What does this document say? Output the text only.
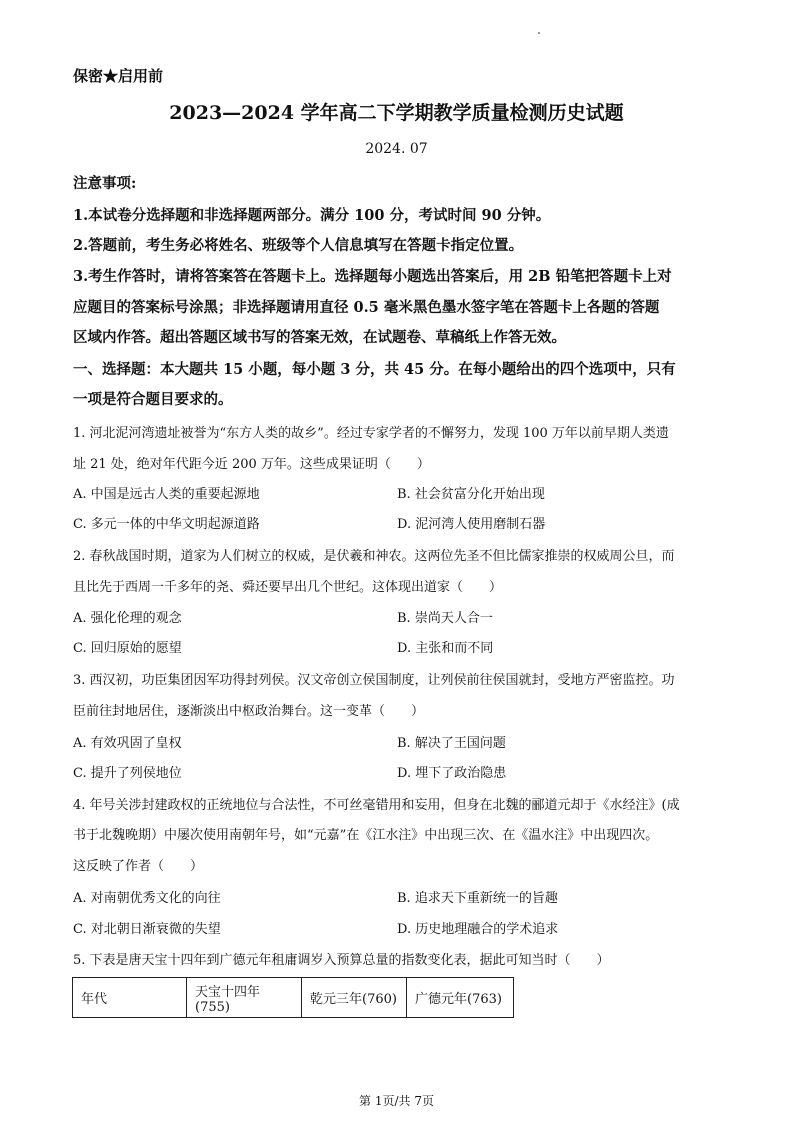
保密★启用前
2023—2024 学年高二下学期教学质量检测历史试题
2024. 07
注意事项:
1.本试卷分选择题和非选择题两部分。满分 100 分，考试时间 90 分钟。
2.答题前，考生务必将姓名、班级等个人信息填写在答题卡指定位置。
3.考生作答时，请将答案答在答题卡上。选择题每小题选出答案后，用 2B 铅笔把答题卡上对
应题目的答案标号涂黑；非选择题请用直径 0.5 毫米黑色墨水签字笔在答题卡上各题的答题
区域内作答。超出答题区域书写的答案无效，在试题卷、草稿纸上作答无效。
一、选择题：本大题共 15 小题，每小题 3 分，共 45 分。在每小题给出的四个选项中，只有
一项是符合题目要求的。
1. 河北泥河湾遗址被誉为“东方人类的故乡”。经过专家学者的不懈努力，发现 100 万年以前早期人类遗
址 21 处，绝对年代距今近 200 万年。这些成果证明（　　）
A. 中国是远古人类的重要起源地	B. 社会贫富分化开始出现
C. 多元一体的中华文明起源道路	D. 泥河湾人使用磨制石器
2. 春秋战国时期，道家为人们树立的权威，是伏羲和神农。这两位先圣不但比儒家推崇的权威周公旦，而
且比先于西周一千多年的尧、舜还要早出几个世纪。这体现出道家（　　）
A. 强化伦理的观念	B. 崇尚天人合一
C. 回归原始的愿望	D. 主张和而不同
3. 西汉初，功臣集团因军功得封列侯。汉文帝创立侯国制度，让列侯前往侯国就封，受地方严密监控。功
臣前往封地居住，逐渐淡出中枢政治舞台。这一变革（　　）
A. 有效巩固了皇权	B. 解决了王国问题
C. 提升了列侯地位	D. 埋下了政治隐患
4. 年号关涉封建政权的正统地位与合法性，不可丝毫错用和妄用，但身在北魏的郦道元却于《水经注》(成
书于北魏晚期）中屡次使用南朝年号，如“元嘉”在《江水注》中出现三次、在《温水注》中出现四次。
这反映了作者（　　）
A. 对南朝优秀文化的向往	B. 追求天下重新统一的旨趣
C. 对北朝日渐衰微的失望	D. 历史地理融合的学术追求
5. 下表是唐天宝十四年到广德元年租庸调岁入预算总量的指数变化表，据此可知当时（　　）
年代	天宝十四年(755)	乾元三年(760)	广德元年(763)
第 1页/共 7页
